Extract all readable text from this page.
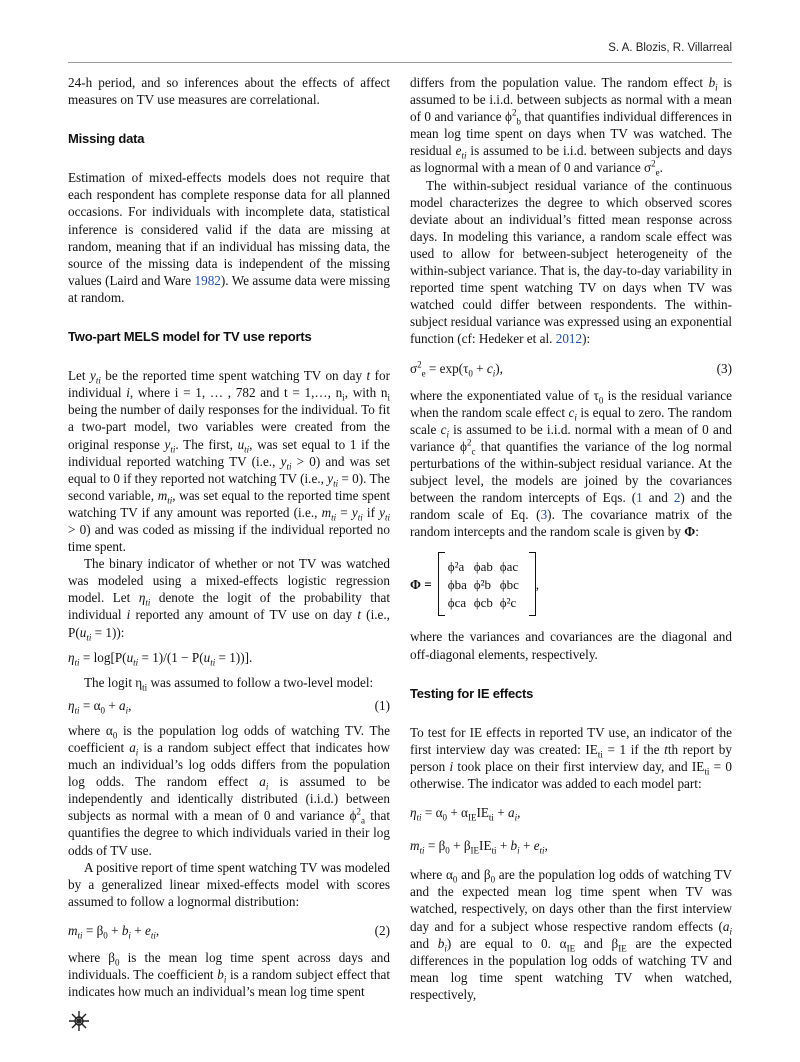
S. A. Blozis, R. Villarreal

24-h period, and so inferences about the effects of affect measures on TV use measures are correlational.

Missing data

Estimation of mixed-effects models does not require that each respondent has complete response data for all planned occasions. For individuals with incomplete data, statistical inference is considered valid if the data are missing at random, meaning that if an individual has missing data, the source of the missing data is independent of the missing values (Laird and Ware 1982). We assume data were missing at random.

Two-part MELS model for TV use reports

Let $y_{ti}$ be the reported time spent watching TV on day t for individual i, where i = 1, … , 782 and t = 1,…, $n_i$, with $n_i$ being the number of daily responses for the individual. To fit a two-part model, two variables were created from the original response $y_{ti}$. The first, $u_{ti}$, was set equal to 1 if the individual reported watching TV (i.e., $y_{ti} > 0$) and was set equal to 0 if they reported not watching TV (i.e., $y_{ti} = 0$). The second variable, $m_{ti}$, was set equal to the reported time spent watching TV if any amount was reported (i.e., $m_{ti} = y_{ti}$ if $y_{ti} > 0$) and was coded as missing if the individual reported no time spent.

The binary indicator of whether or not TV was watched was modeled using a mixed-effects logistic regression model. Let $\eta_{ti}$ denote the logit of the probability that individual i reported any amount of TV use on day t (i.e., $P(u_{ti} = 1)$):

$\eta_{ti} = \log[P(u_{ti} = 1)/(1 - P(u_{ti} = 1))]$.

The logit $\eta_{ti}$ was assumed to follow a two-level model:

$\eta_{ti} = \alpha_0 + a_i$,	(1)

where $\alpha_0$ is the population log odds of watching TV. The coefficient $a_i$ is a random subject effect that indicates how much an individual’s log odds differs from the population log odds. The random effect $a_i$ is assumed to be independently and identically distributed (i.i.d.) between subjects as normal with a mean of 0 and variance $\phi^2_a$ that quantifies the degree to which individuals varied in their log odds of TV use.

A positive report of time spent watching TV was modeled by a generalized linear mixed-effects model with scores assumed to follow a lognormal distribution:

$m_{ti} = \beta_0 + b_i + e_{ti}$,	(2)

where $\beta_0$ is the mean log time spent across days and individuals. The coefficient $b_i$ is a random subject effect that indicates how much an individual’s mean log time spent

differs from the population value. The random effect $b_i$ is assumed to be i.i.d. between subjects as normal with a mean of 0 and variance $\phi^2_b$ that quantifies individual differences in mean log time spent on days when TV was watched. The residual $e_{ti}$ is assumed to be i.i.d. between subjects and days as lognormal with a mean of 0 and variance $\sigma^2_e$.

The within-subject residual variance of the continuous model characterizes the degree to which observed scores deviate about an individual’s fitted mean response across days. In modeling this variance, a random scale effect was used to allow for between-subject heterogeneity of the within-subject variance. That is, the day-to-day variability in reported time spent watching TV on days when TV was watched could differ between respondents. The within-subject residual variance was expressed using an exponential function (cf: Hedeker et al. 2012):

$\sigma^2_e = \exp(\tau_0 + c_i)$,	(3)

where the exponentiated value of $\tau_0$ is the residual variance when the random scale effect $c_i$ is equal to zero. The random scale $c_i$ is assumed to be i.i.d. normal with a mean of 0 and variance $\phi^2_c$ that quantifies the variance of the log normal perturbations of the within-subject residual variance. At the subject level, the models are joined by the covariances between the random intercepts of Eqs. (1 and 2) and the random scale of Eq. (3). The covariance matrix of the random intercepts and the random scale is given by Φ:

Φ =
ϕ²a ϕab ϕac
ϕba ϕ²b ϕbc
ϕca ϕcb ϕ²c
,

where the variances and covariances are the diagonal and off-diagonal elements, respectively.

Testing for IE effects

To test for IE effects in reported TV use, an indicator of the first interview day was created: $IE_{ti} = 1$ if the tth report by person i took place on their first interview day, and $IE_{ti} = 0$ otherwise. The indicator was added to each model part:

$\eta_{ti} = \alpha_0 + \alpha_{IE}IE_{ti} + a_i$,
$m_{ti} = \beta_0 + \beta_{IE}IE_{ti} + b_i + e_{ti}$,

where $\alpha_0$ and $\beta_0$ are the population log odds of watching TV and the expected mean log time spent when TV was watched, respectively, on days other than the first interview day and for a subject whose respective random effects ($a_i$ and $b_i$) are equal to 0. $\alpha_{IE}$ and $\beta_{IE}$ are the expected differences in the population log odds of watching TV and mean log time spent watching TV when watched, respectively,
